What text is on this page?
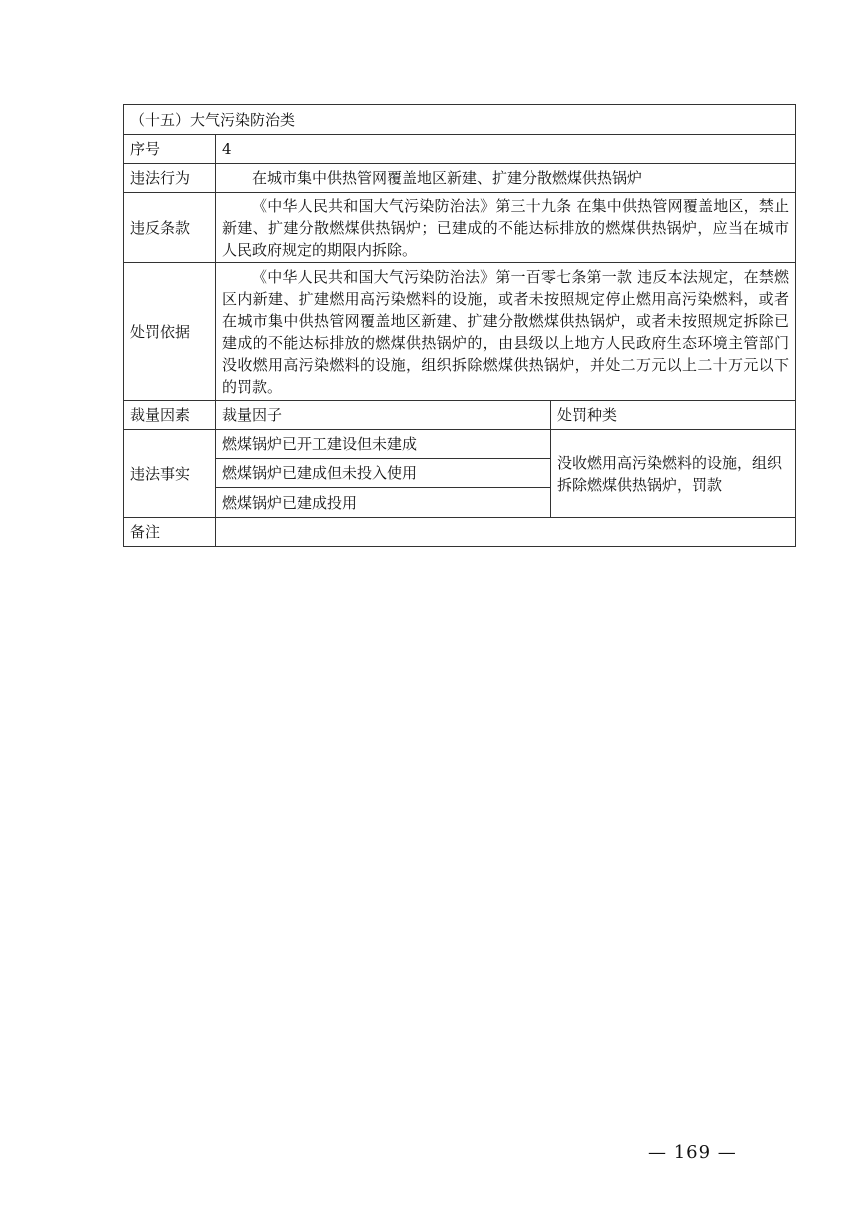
（十五）大气污染防治类		
序号	4	
违法行为	在城市集中供热管网覆盖地区新建、扩建分散燃煤供热锅炉	
违反条款	《中华人民共和国大气污染防治法》第三十九条 在集中供热管网覆盖地区，禁止新建、扩建分散燃煤供热锅炉；已建成的不能达标排放的燃煤供热锅炉，应当在城市人民政府规定的期限内拆除。	
处罚依据	《中华人民共和国大气污染防治法》第一百零七条第一款 违反本法规定，在禁燃区内新建、扩建燃用高污染燃料的设施，或者未按照规定停止燃用高污染燃料，或者在城市集中供热管网覆盖地区新建、扩建分散燃煤供热锅炉，或者未按照规定拆除已建成的不能达标排放的燃煤供热锅炉的，由县级以上地方人民政府生态环境主管部门没收燃用高污染燃料的设施，组织拆除燃煤供热锅炉，并处二万元以上二十万元以下的罚款。	
裁量因素	裁量因子	处罚种类
违法事实	燃煤锅炉已开工建设但未建成	没收燃用高污染燃料的设施，组织拆除燃煤供热锅炉，罚款
	燃煤锅炉已建成但未投入使用	
	燃煤锅炉已建成投用	
备注		
— 169 —
